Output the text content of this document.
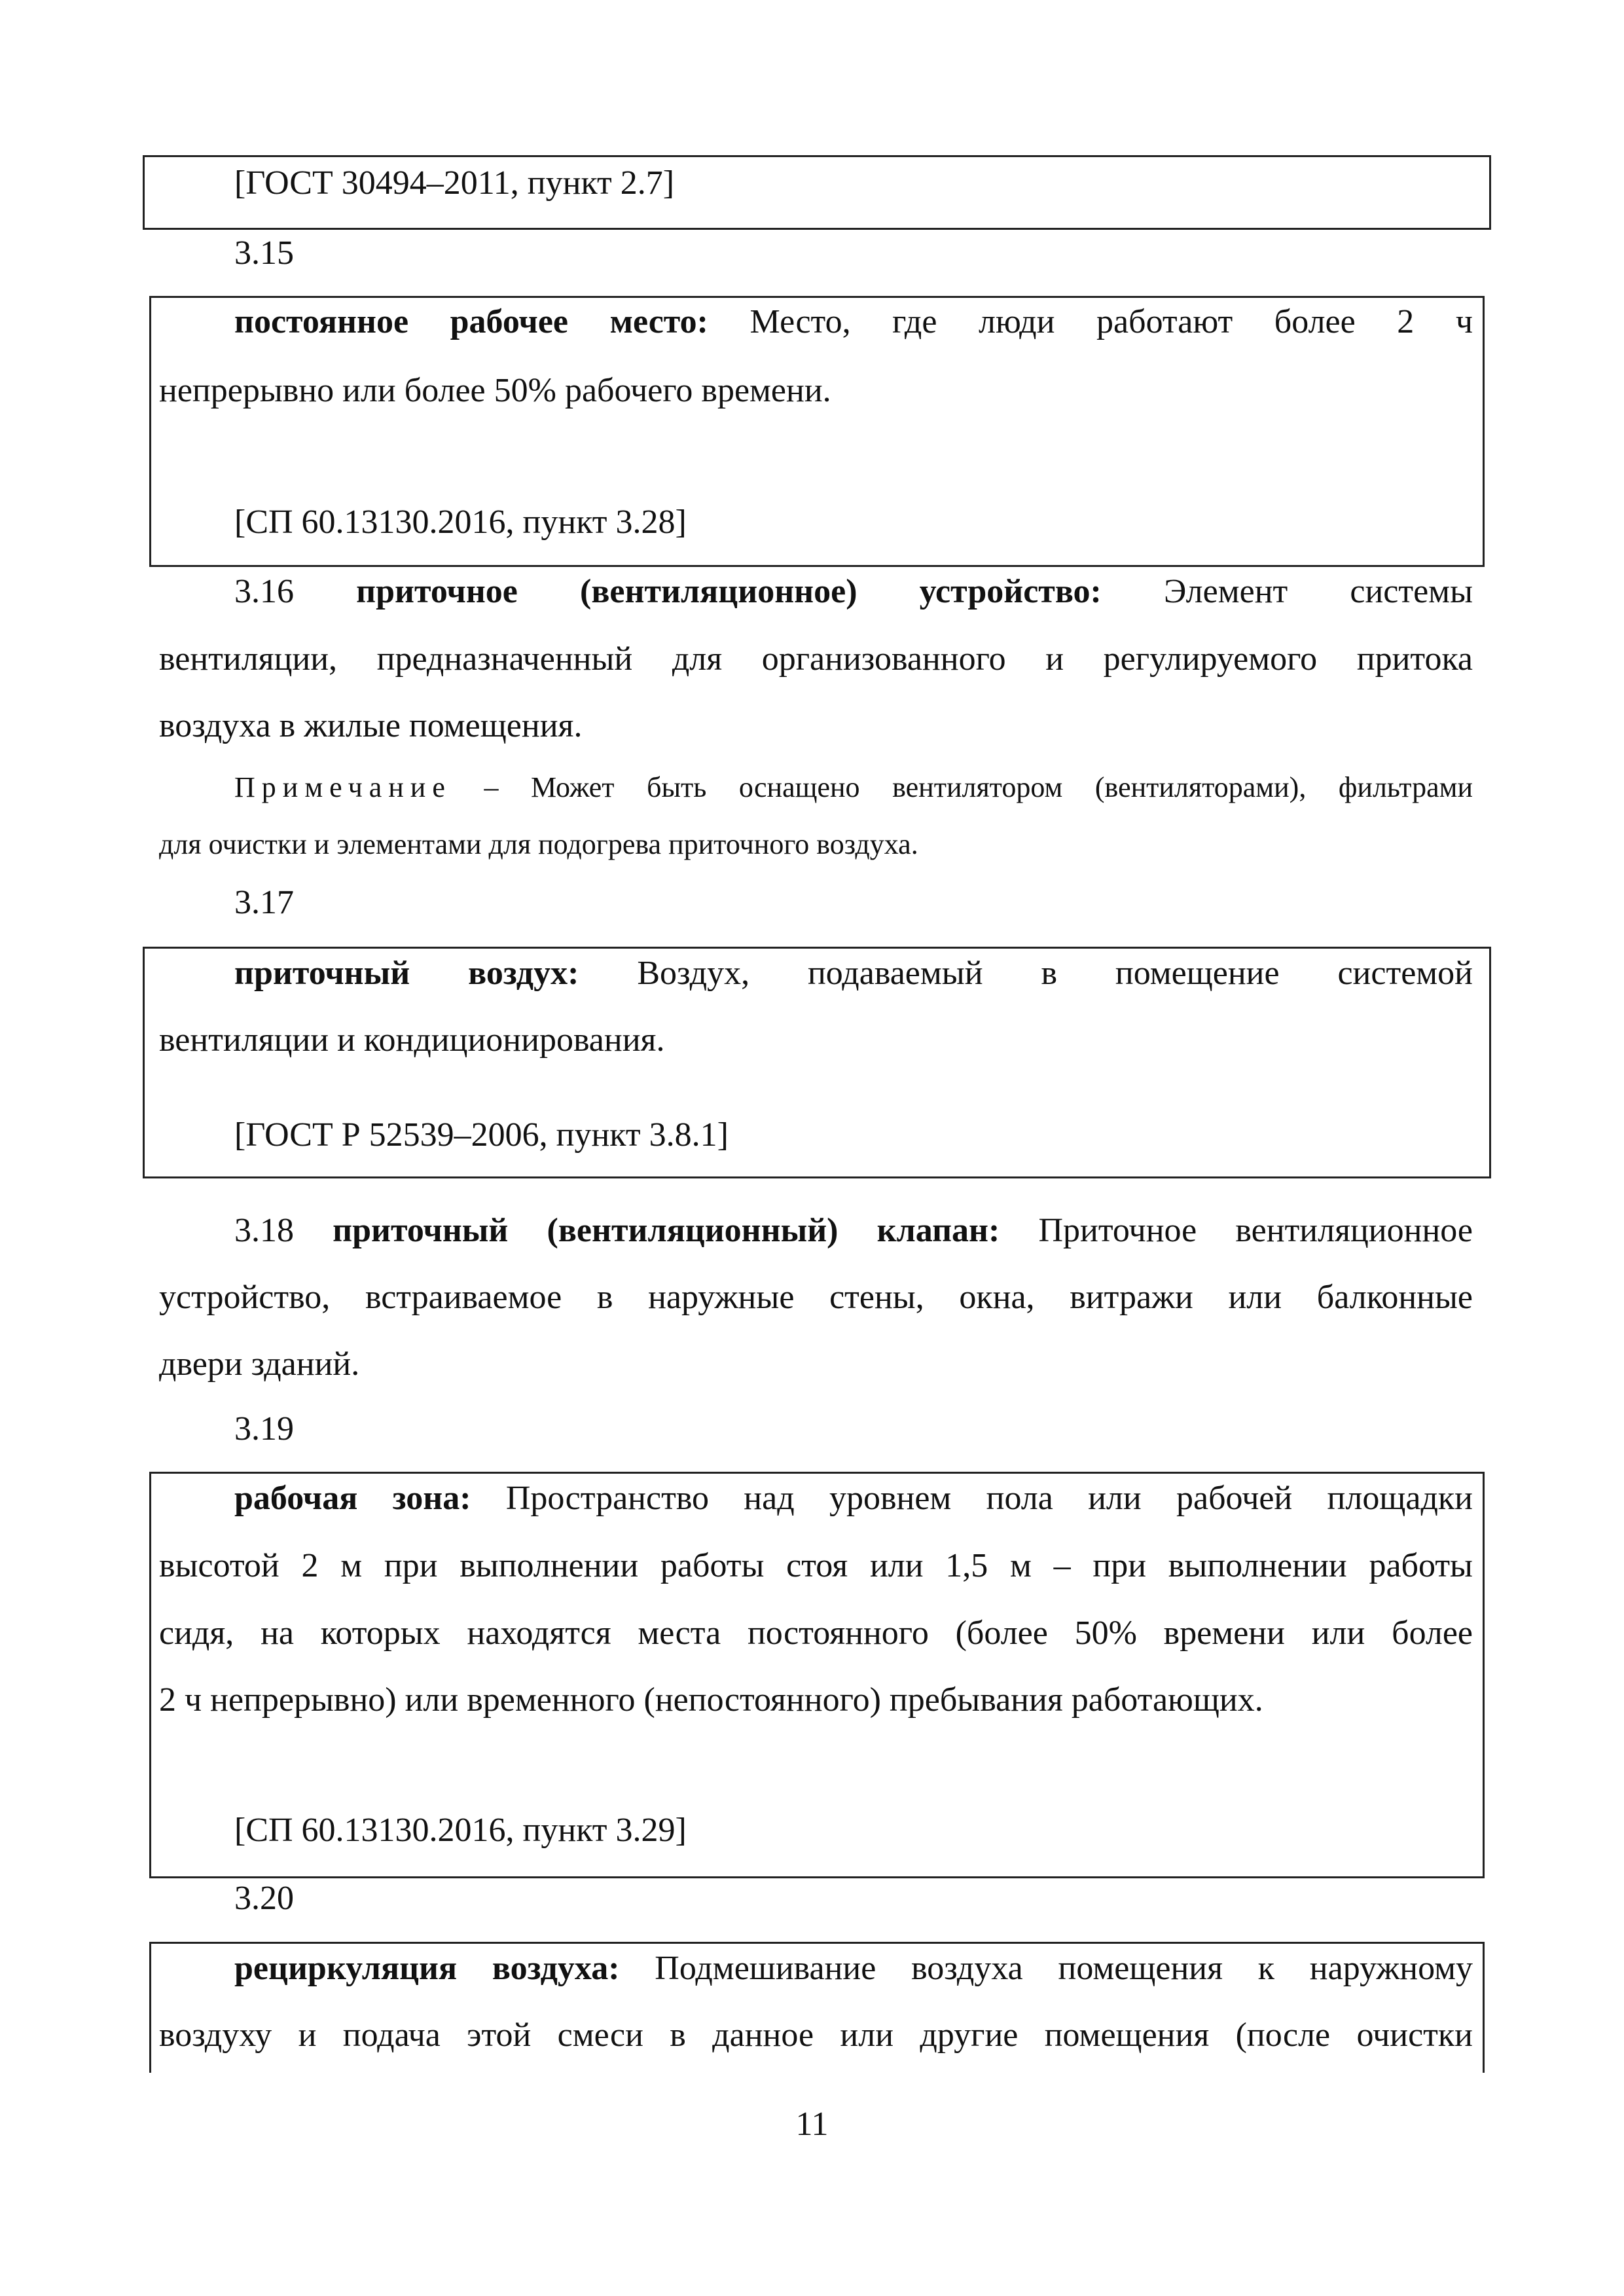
[ГОСТ 30494–2011, пункт 2.7]
3.15
постоянное рабочее место: Место, где люди работают более 2 ч
непрерывно или более 50% рабочего времени.
[СП 60.13130.2016, пункт 3.28]
3.16 приточное (вентиляционное) устройство: Элемент системы
вентиляции, предназначенный для организованного и регулируемого притока
воздуха в жилые помещения.
Примечание – Может быть оснащено вентилятором (вентиляторами), фильтрами
для очистки и элементами для подогрева приточного воздуха.
3.17
приточный воздух: Воздух, подаваемый в помещение системой
вентиляции и кондиционирования.
[ГОСТ Р 52539–2006, пункт 3.8.1]
3.18 приточный (вентиляционный) клапан: Приточное вентиляционное
устройство, встраиваемое в наружные стены, окна, витражи или балконные
двери зданий.
3.19
рабочая зона: Пространство над уровнем пола или рабочей площадки
высотой 2 м при выполнении работы стоя или 1,5 м – при выполнении работы
сидя, на которых находятся места постоянного (более 50% времени или более
2 ч непрерывно) или временного (непостоянного) пребывания работающих.
[СП 60.13130.2016, пункт 3.29]
3.20
рециркуляция воздуха: Подмешивание воздуха помещения к наружному
воздуху и подача этой смеси в данное или другие помещения (после очистки
11
